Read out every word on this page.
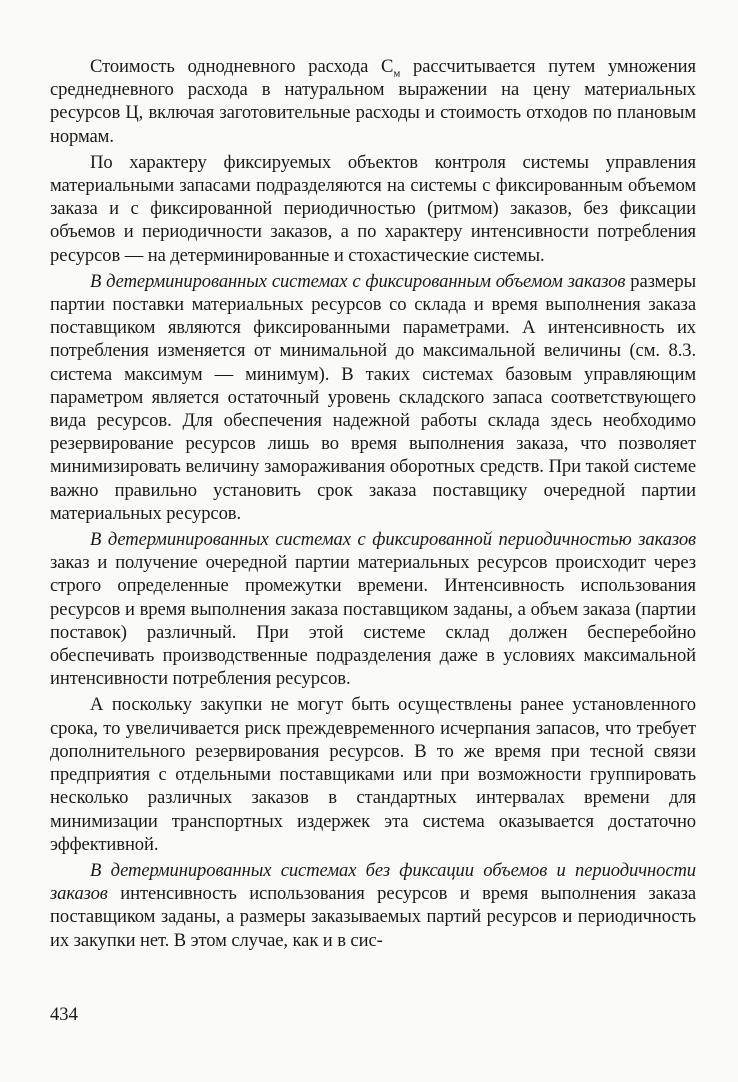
Стоимость однодневного расхода $С_м$ рассчитывается путем умножения среднедневного расхода в натуральном выражении на цену материальных ресурсов Ц, включая заготовительные расходы и стоимость отходов по плановым нормам.

По характеру фиксируемых объектов контроля системы управления материальными запасами подразделяются на системы с фиксированным объемом заказа и с фиксированной периодичностью (ритмом) заказов, без фиксации объемов и периодичности заказов, а по характеру интенсивности потребления ресурсов — на детерминированные и стохастические системы.

В детерминированных системах с фиксированным объемом заказов размеры партии поставки материальных ресурсов со склада и время выполнения заказа поставщиком являются фиксированными параметрами. А интенсивность их потребления изменяется от минимальной до максимальной величины (см. 8.3. система максимум — минимум). В таких системах базовым управляющим параметром является остаточный уровень складского запаса соответствующего вида ресурсов. Для обеспечения надежной работы склада здесь необходимо резервирование ресурсов лишь во время выполнения заказа, что позволяет минимизировать величину замораживания оборотных средств. При такой системе важно правильно установить срок заказа поставщику очередной партии материальных ресурсов.

В детерминированных системах с фиксированной периодичностью заказов заказ и получение очередной партии материальных ресурсов происходит через строго определенные промежутки времени. Интенсивность использования ресурсов и время выполнения заказа поставщиком заданы, а объем заказа (партии поставок) различный. При этой системе склад должен бесперебойно обеспечивать производственные подразделения даже в условиях максимальной интенсивности потребления ресурсов.

А поскольку закупки не могут быть осуществлены ранее установленного срока, то увеличивается риск преждевременного исчерпания запасов, что требует дополнительного резервирования ресурсов. В то же время при тесной связи предприятия с отдельными поставщиками или при возможности группировать несколько различных заказов в стандартных интервалах времени для минимизации транспортных издержек эта система оказывается достаточно эффективной.

В детерминированных системах без фиксации объемов и периодичности заказов интенсивность использования ресурсов и время выполнения заказа поставщиком заданы, а размеры заказываемых партий ресурсов и периодичность их закупки нет. В этом случае, как и в сис-

434
